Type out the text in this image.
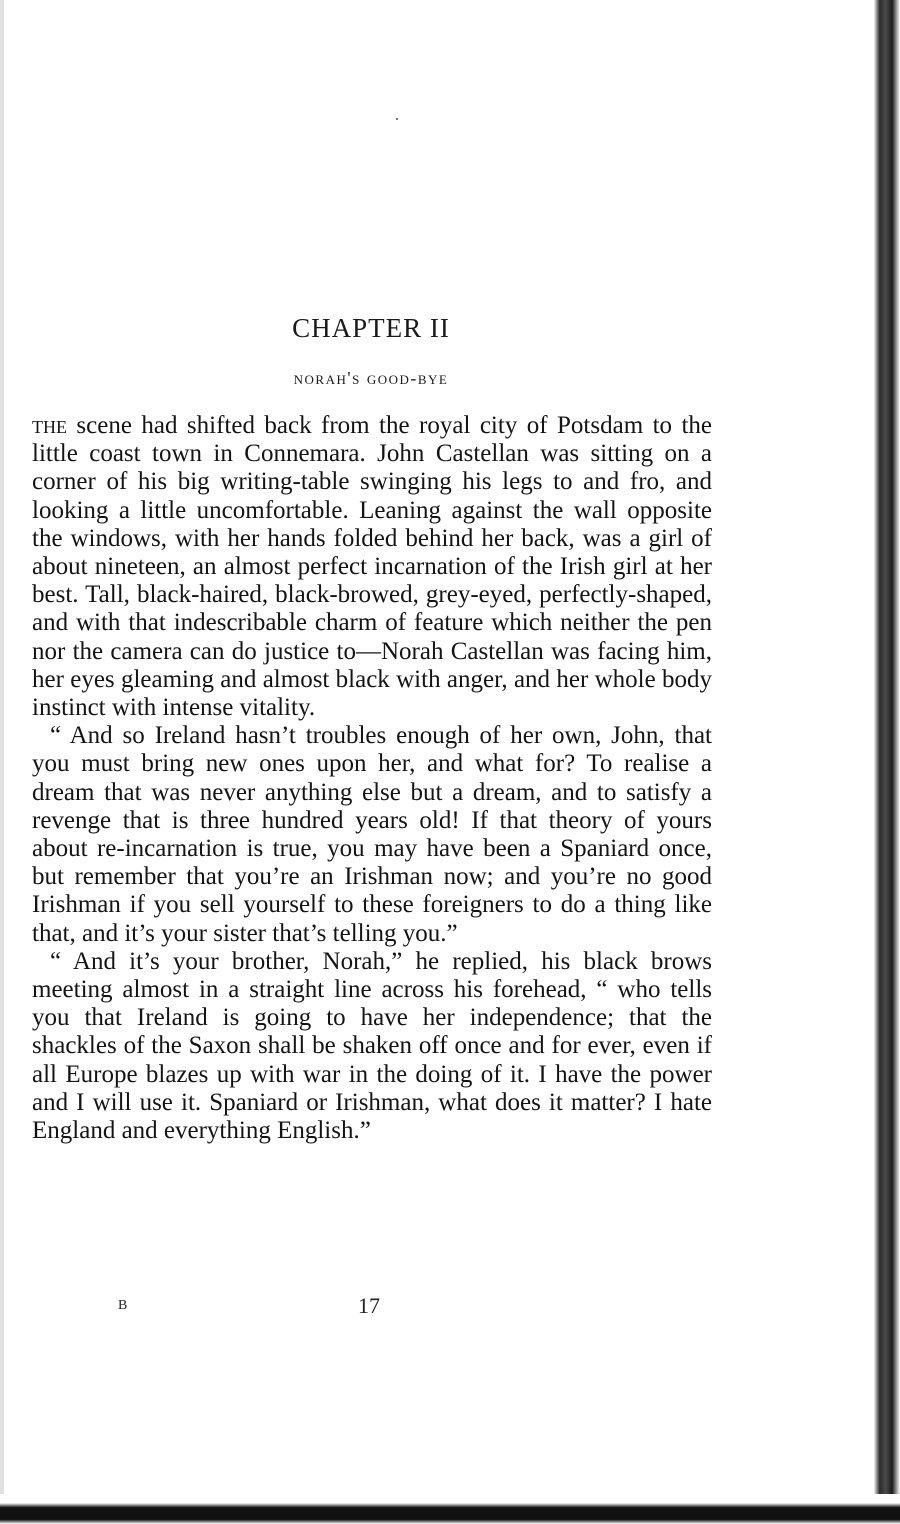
CHAPTER II
norah's good-bye

the scene had shifted back from the royal city of Potsdam to the little coast town in Connemara. John Castellan was sitting on a corner of his big writing-table swinging his legs to and fro, and looking a little uncomfortable. Leaning against the wall opposite the windows, with her hands folded behind her back, was a girl of about nineteen, an almost perfect incarnation of the Irish girl at her best. Tall, black-haired, black-browed, grey-eyed, perfectly-shaped, and with that indescribable charm of feature which neither the pen nor the camera can do justice to—Norah Castellan was facing him, her eyes gleaming and almost black with anger, and her whole body instinct with intense vitality.

“ And so Ireland hasn’t troubles enough of her own, John, that you must bring new ones upon her, and what for? To realise a dream that was never anything else but a dream, and to satisfy a revenge that is three hundred years old! If that theory of yours about re-incarnation is true, you may have been a Spaniard once, but remember that you’re an Irishman now; and you’re no good Irishman if you sell yourself to these foreigners to do a thing like that, and it’s your sister that’s telling you.”

“ And it’s your brother, Norah,” he replied, his black brows meeting almost in a straight line across his forehead, “ who tells you that Ireland is going to have her independence; that the shackles of the Saxon shall be shaken off once and for ever, even if all Europe blazes up with war in the doing of it. I have the power and I will use it. Spaniard or Irishman, what does it matter? I hate England and everything English.”

B	17
